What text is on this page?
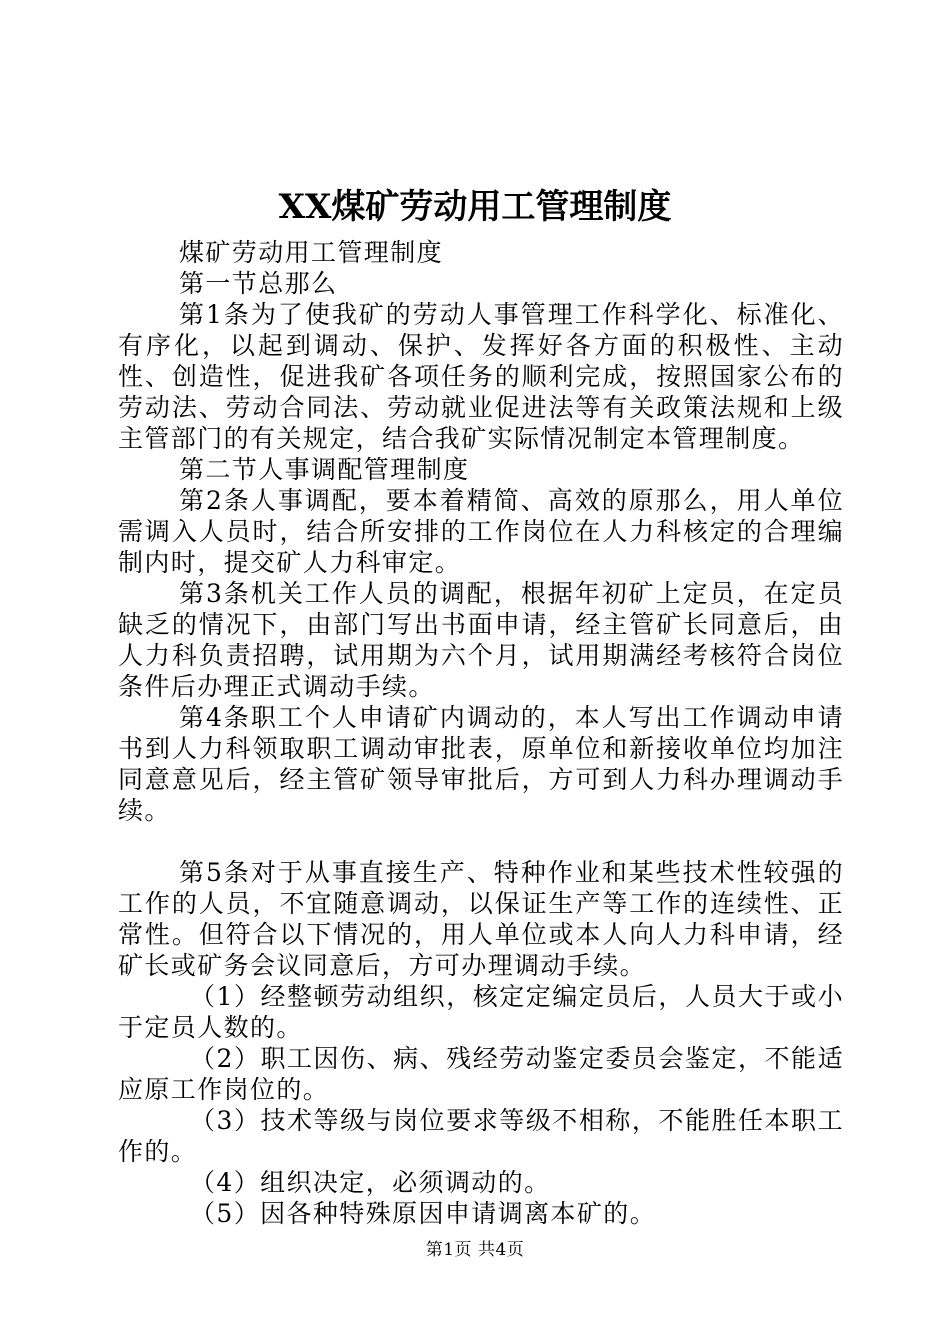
XX煤矿劳动用工管理制度

煤矿劳动用工管理制度

第一节总那么

第1条为了使我矿的劳动人事管理工作科学化、标准化、有序化，以起到调动、保护、发挥好各方面的积极性、主动性、创造性，促进我矿各项任务的顺利完成，按照国家公布的劳动法、劳动合同法、劳动就业促进法等有关政策法规和上级主管部门的有关规定，结合我矿实际情况制定本管理制度。

第二节人事调配管理制度

第2条人事调配，要本着精简、高效的原那么，用人单位需调入人员时，结合所安排的工作岗位在人力科核定的合理编制内时，提交矿人力科审定。

第3条机关工作人员的调配，根据年初矿上定员，在定员缺乏的情况下，由部门写出书面申请，经主管矿长同意后，由人力科负责招聘，试用期为六个月，试用期满经考核符合岗位条件后办理正式调动手续。

第4条职工个人申请矿内调动的，本人写出工作调动申请书到人力科领取职工调动审批表，原单位和新接收单位均加注同意意见后，经主管矿领导审批后，方可到人力科办理调动手续。

第5条对于从事直接生产、特种作业和某些技术性较强的工作的人员，不宜随意调动，以保证生产等工作的连续性、正常性。但符合以下情况的，用人单位或本人向人力科申请，经矿长或矿务会议同意后，方可办理调动手续。

（1）经整顿劳动组织，核定定编定员后，人员大于或小于定员人数的。

（2）职工因伤、病、残经劳动鉴定委员会鉴定，不能适应原工作岗位的。

（3）技术等级与岗位要求等级不相称，不能胜任本职工作的。

（4）组织决定，必须调动的。

（5）因各种特殊原因申请调离本矿的。

第1页 共4页
